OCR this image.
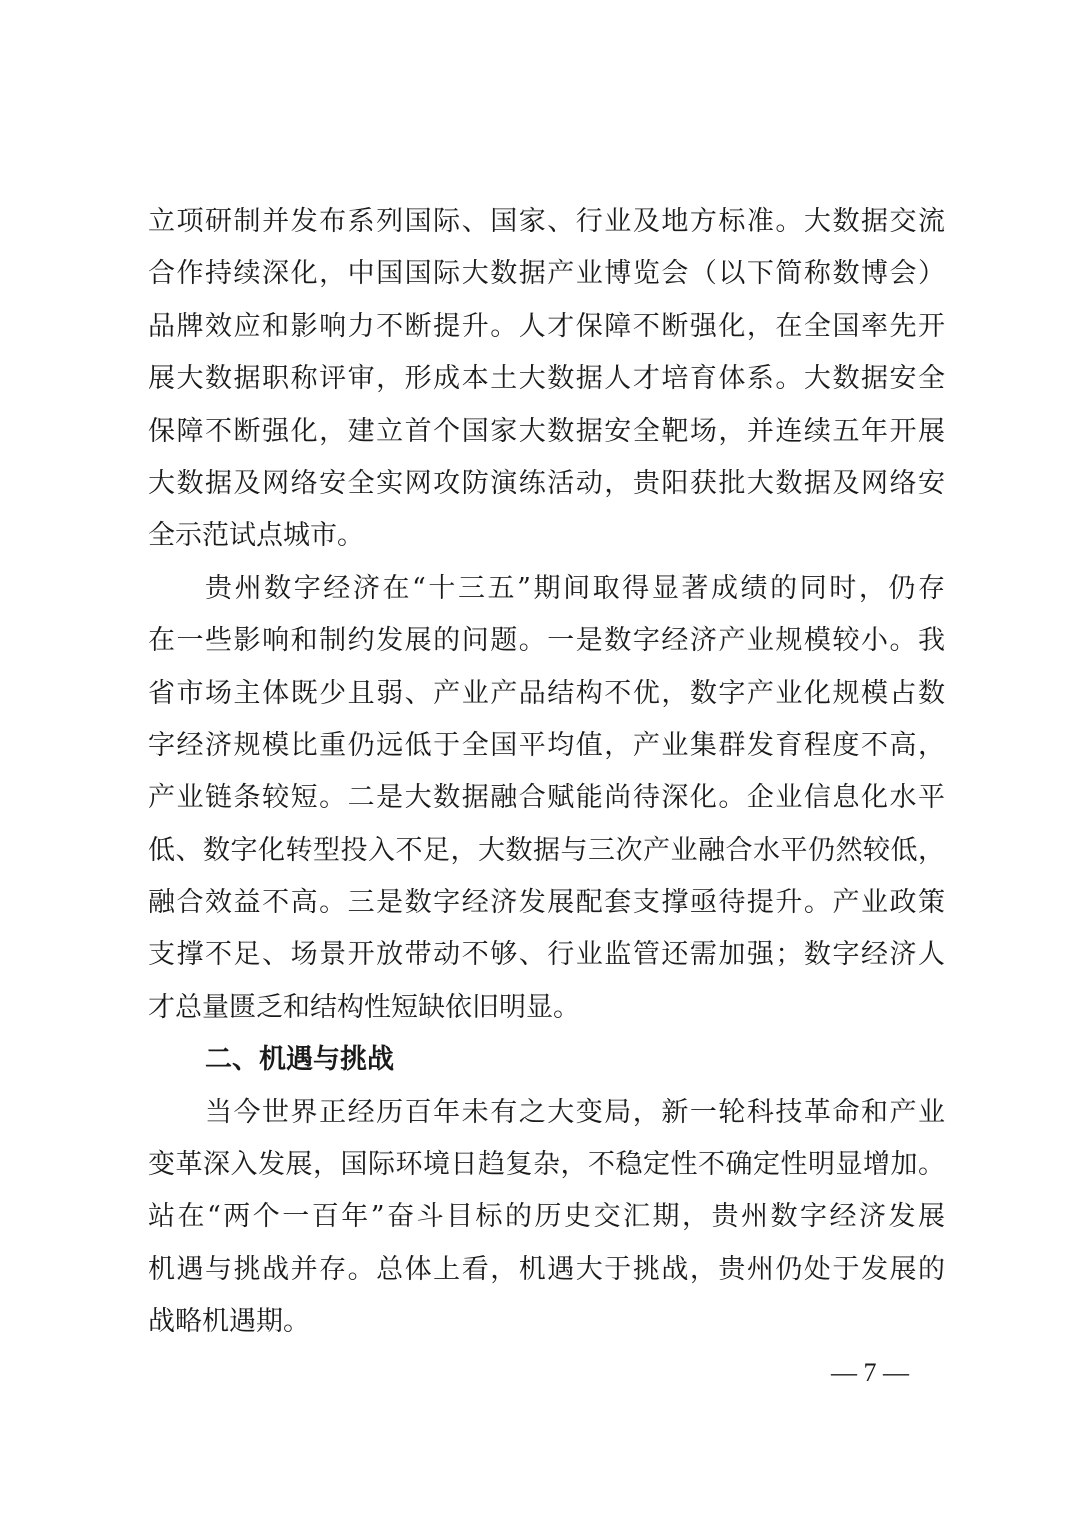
立项研制并发布系列国际、国家、行业及地方标准。大数据交流
合作持续深化，中国国际大数据产业博览会（以下简称数博会）
品牌效应和影响力不断提升。人才保障不断强化，在全国率先开
展大数据职称评审，形成本土大数据人才培育体系。大数据安全
保障不断强化，建立首个国家大数据安全靶场，并连续五年开展
大数据及网络安全实网攻防演练活动，贵阳获批大数据及网络安
全示范试点城市。
贵州数字经济在“十三五”期间取得显著成绩的同时，仍存
在一些影响和制约发展的问题。一是数字经济产业规模较小。我
省市场主体既少且弱、产业产品结构不优，数字产业化规模占数
字经济规模比重仍远低于全国平均值，产业集群发育程度不高，
产业链条较短。二是大数据融合赋能尚待深化。企业信息化水平
低、数字化转型投入不足，大数据与三次产业融合水平仍然较低，
融合效益不高。三是数字经济发展配套支撑亟待提升。产业政策
支撑不足、场景开放带动不够、行业监管还需加强；数字经济人
才总量匮乏和结构性短缺依旧明显。
二、机遇与挑战
当今世界正经历百年未有之大变局，新一轮科技革命和产业
变革深入发展，国际环境日趋复杂，不稳定性不确定性明显增加。
站在“两个一百年”奋斗目标的历史交汇期，贵州数字经济发展
机遇与挑战并存。总体上看，机遇大于挑战，贵州仍处于发展的
战略机遇期。
— 7 —
